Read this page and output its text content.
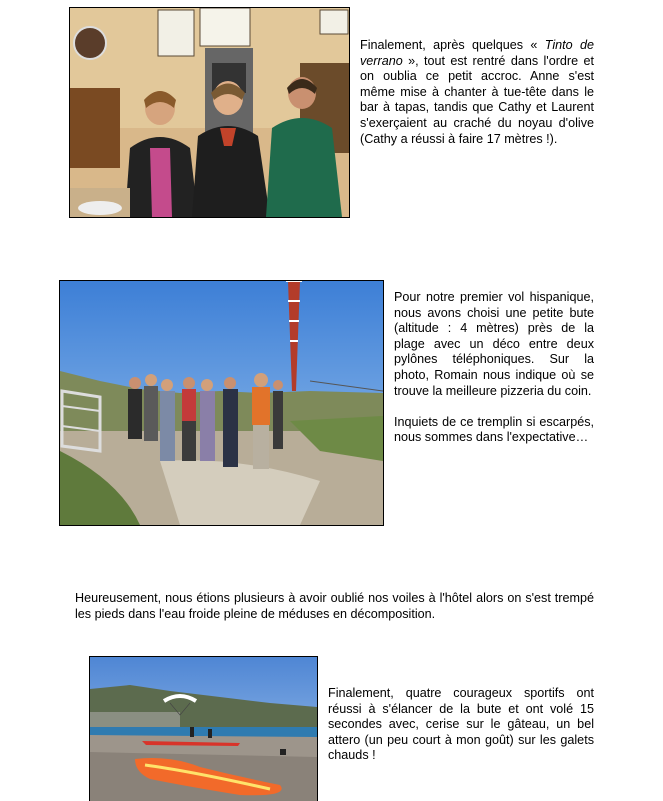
Finalement, après quelques « Tinto de verrano », tout est rentré dans l'ordre et on oublia ce petit accroc. Anne s'est même mise à chanter à tue-tête dans le bar à tapas, tandis que Cathy et Laurent s'exerçaient au craché du noyau d'olive (Cathy a réussi à faire 17 mètres !).

Pour notre premier vol hispanique, nous avons choisi une petite bute (altitude : 4 mètres) près de la plage avec un déco entre deux pylônes téléphoniques. Sur la photo, Romain nous indique où se trouve la meilleure pizzeria du coin.

Inquiets de ce tremplin si escarpés, nous sommes dans l'expectative…

Heureusement, nous étions plusieurs à avoir oublié nos voiles à l'hôtel alors on s'est trempé les pieds dans l'eau froide pleine de méduses en décomposition.

Finalement, quatre courageux sportifs ont réussi à s'élancer de la bute et ont volé 15 secondes avec, cerise sur le gâteau, un bel attero (un peu court à mon goût) sur les galets chauds !
